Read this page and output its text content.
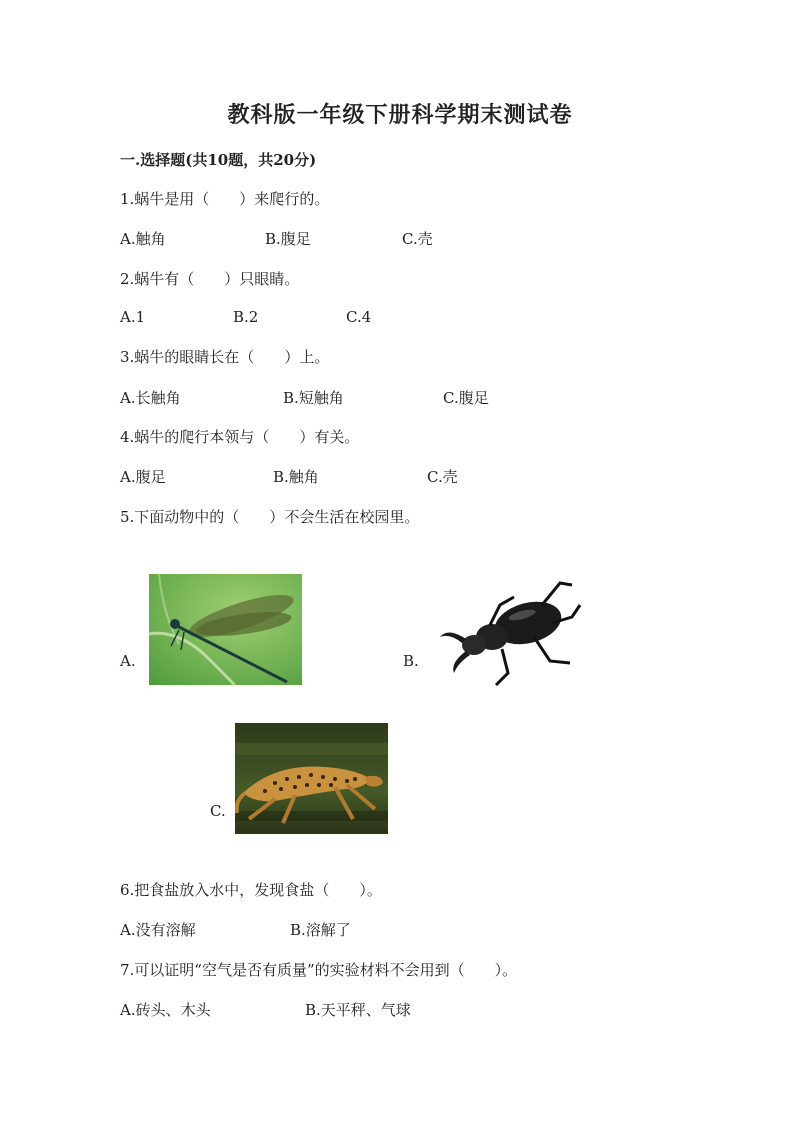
教科版一年级下册科学期末测试卷
一.选择题(共10题，共20分)
1.蜗牛是用（　　）来爬行的。
A.触角	B.腹足	C.壳
2.蜗牛有（　　）只眼睛。
A.1	B.2	C.4
3.蜗牛的眼睛长在（　　）上。
A.长触角	B.短触角	C.腹足
4.蜗牛的爬行本领与（　　）有关。
A.腹足	B.触角	C.壳
5.下面动物中的（　　）不会生活在校园里。
A.	B.
C.
6.把食盐放入水中，发现食盐（　　）。
A.没有溶解	B.溶解了
7.可以证明“空气是否有质量”的实验材料不会用到（　　）。
A.砖头、木头	B.天平秤、气球
